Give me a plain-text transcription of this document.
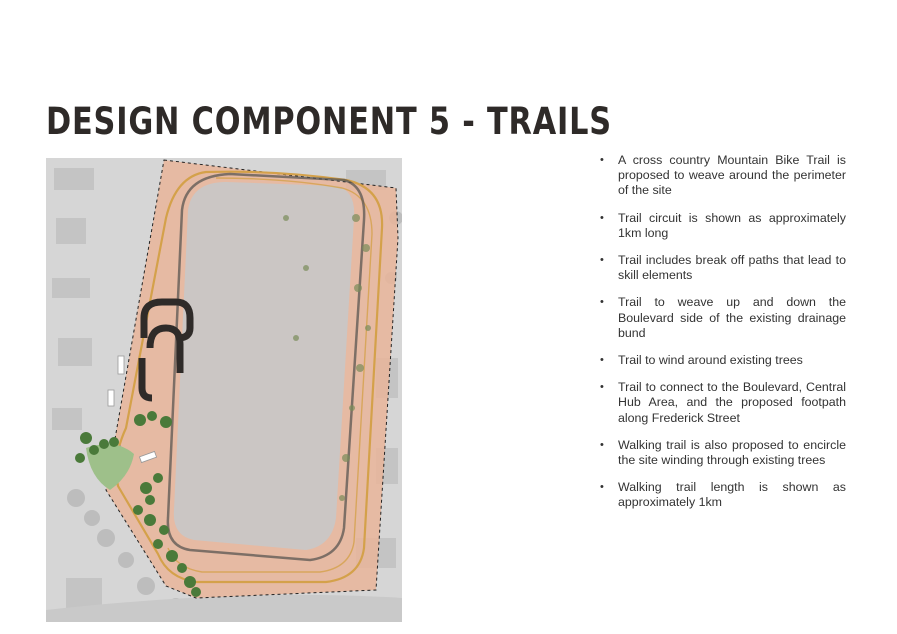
DESIGN COMPONENT 5 - TRAILS
• A cross country Mountain Bike Trail is proposed to weave around the perimeter of the site
• Trail circuit is shown as approximately 1km long
• Trail includes break off paths that lead to skill elements
• Trail to weave up and down the Boulevard side of the existing drainage bund
• Trail to wind around existing trees
• Trail to connect to the Boulevard, Central Hub Area, and the proposed footpath along Frederick Street
• Walking trail is also proposed to encircle the site winding through existing trees
• Walking trail length is shown as approximately 1km
